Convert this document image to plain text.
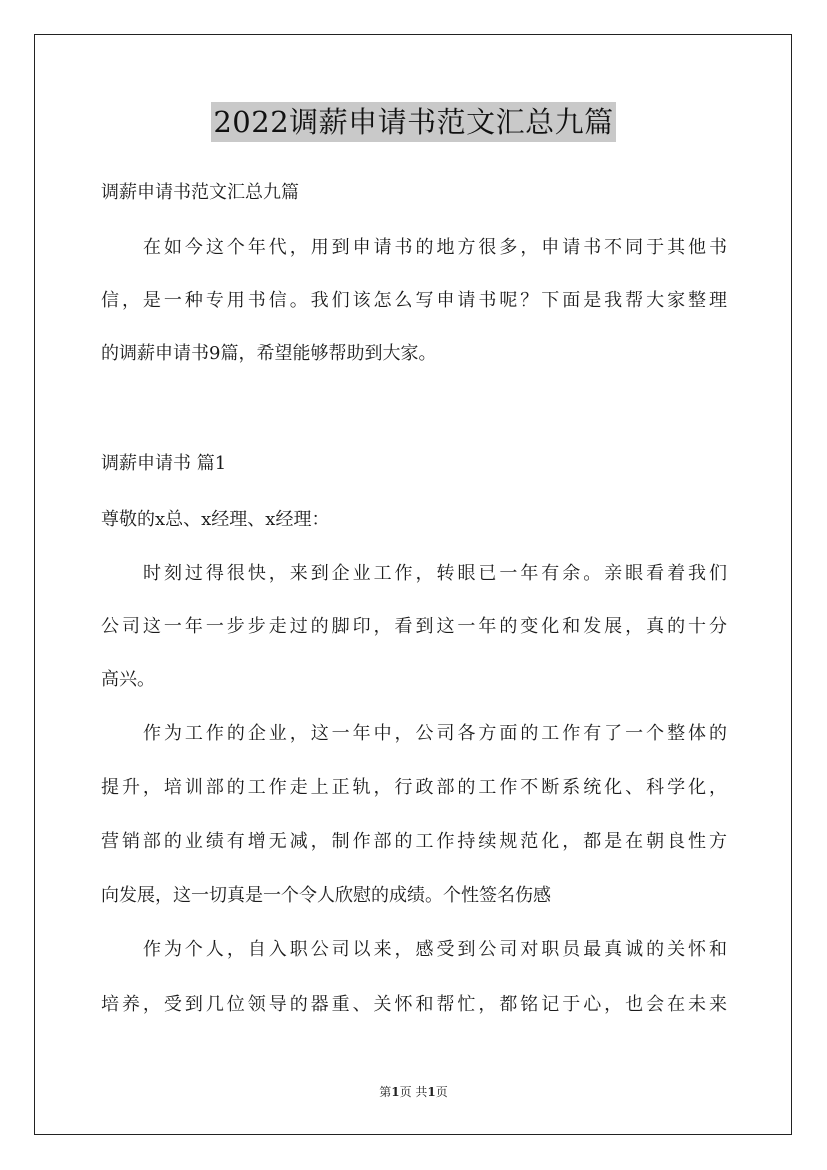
2022调薪申请书范文汇总九篇
调薪申请书范文汇总九篇
在如今这个年代，用到申请书的地方很多，申请书不同于其他书
信，是一种专用书信。我们该怎么写申请书呢？下面是我帮大家整理
的调薪申请书9篇，希望能够帮助到大家。
调薪申请书 篇1
尊敬的x总、x经理、x经理：
时刻过得很快，来到企业工作，转眼已一年有余。亲眼看着我们
公司这一年一步步走过的脚印，看到这一年的变化和发展，真的十分
高兴。
作为工作的企业，这一年中，公司各方面的工作有了一个整体的
提升，培训部的工作走上正轨，行政部的工作不断系统化、科学化，
营销部的业绩有增无减，制作部的工作持续规范化，都是在朝良性方
向发展，这一切真是一个令人欣慰的成绩。个性签名伤感
作为个人，自入职公司以来，感受到公司对职员最真诚的关怀和
培养，受到几位领导的器重、关怀和帮忙，都铭记于心，也会在未来
第1页 共1页
